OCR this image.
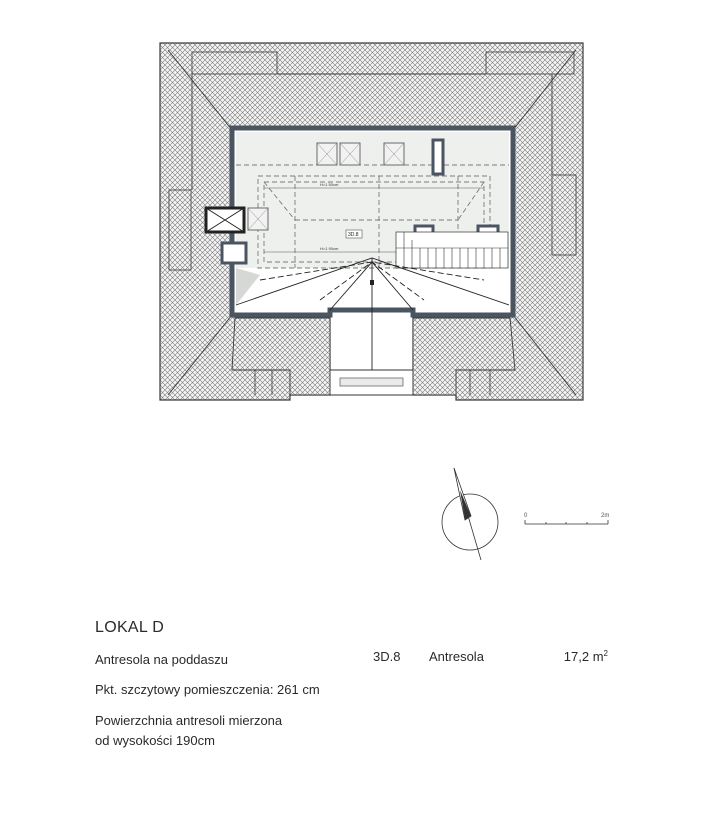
H=1 50cm
H=1 90cm
3D.8
0	2m
LOKAL D
Antresola na poddaszu
Pkt. szczytowy pomieszczenia: 261 cm
Powierzchnia antresoli mierzona
od wysokości 190cm
3D.8 Antresola	17,2 $m^2$
